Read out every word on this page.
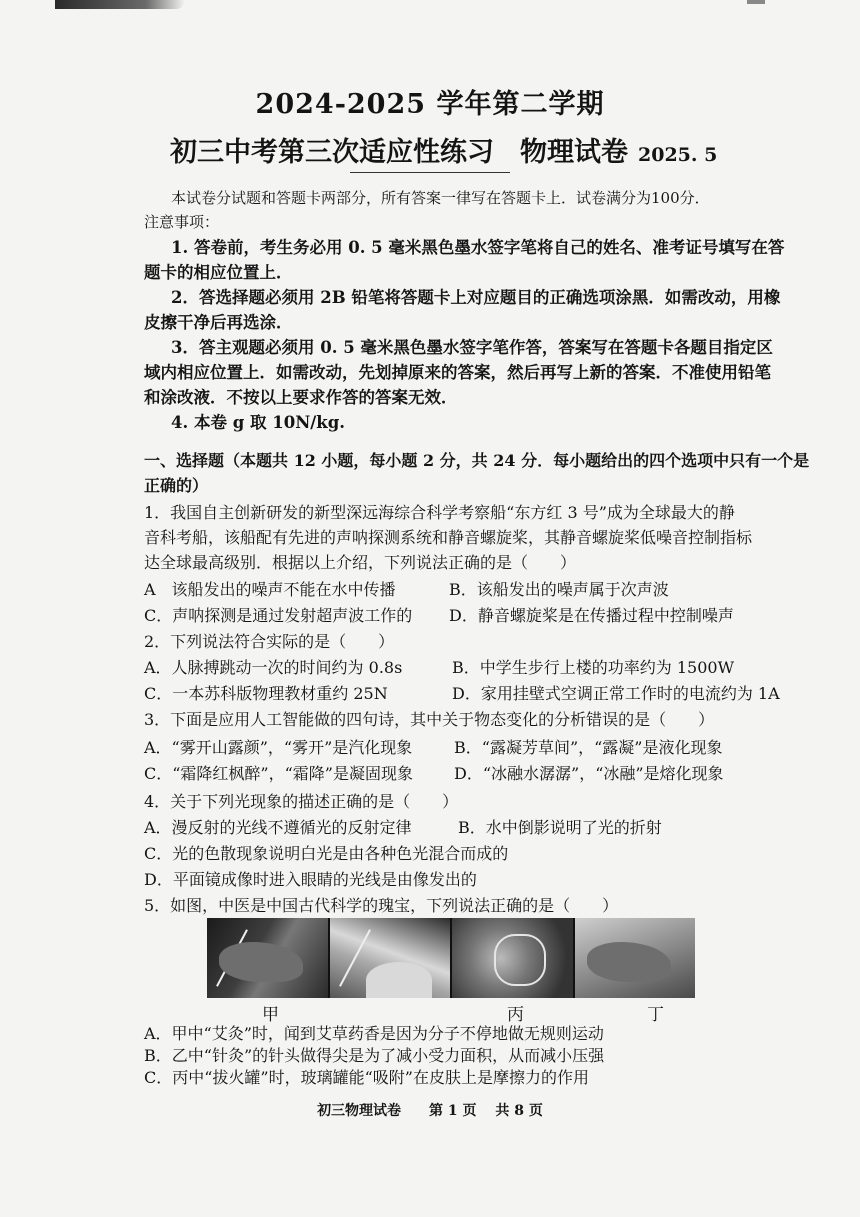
2024-2025 学年第二学期
初三中考第三次适应性练习 物理试卷 2025. 5
本试卷分试题和答题卡两部分，所有答案一律写在答题卡上．试卷满分为100分．
注意事项：
1. 答卷前，考生务必用 0. 5 毫米黑色墨水签字笔将自己的姓名、准考证号填写在答
题卡的相应位置上．
2．答选择题必须用 2B 铅笔将答题卡上对应题目的正确选项涂黑．如需改动，用橡
皮擦干净后再选涂．
3．答主观题必须用 0. 5 毫米黑色墨水签字笔作答，答案写在答题卡各题目指定区
域内相应位置上．如需改动，先划掉原来的答案，然后再写上新的答案．不准使用铅笔
和涂改液．不按以上要求作答的答案无效．
4. 本卷 g 取 10N/kg.
一、选择题（本题共 12 小题，每小题 2 分，共 24 分．每小题给出的四个选项中只有一个是
正确的）
1．我国自主创新研发的新型深远海综合科学考察船“东方红 3 号”成为全球最大的静
音科考船，该船配有先进的声呐探测系统和静音螺旋桨，其静音螺旋桨低噪音控制指标
达全球最高级别．根据以上介绍，下列说法正确的是（　　）
A　该船发出的噪声不能在水中传播	B．该船发出的噪声属于次声波
C．声呐探测是通过发射超声波工作的 D．静音螺旋桨是在传播过程中控制噪声
2．下列说法符合实际的是（　　）
A．人脉搏跳动一次的时间约为 0.8s	B．中学生步行上楼的功率约为 1500W
C．一本苏科版物理教材重约 25N	D．家用挂壁式空调正常工作时的电流约为 1A
3．下面是应用人工智能做的四句诗，其中关于物态变化的分析错误的是（　　）
A．“雾开山露颜”，“雾开”是汽化现象	B．“露凝芳草间”，“露凝”是液化现象
C．“霜降红枫醉”，“霜降”是凝固现象	D．“冰融水潺潺”，“冰融”是熔化现象
4．关于下列光现象的描述正确的是（　　）
A．漫反射的光线不遵循光的反射定律	B．水中倒影说明了光的折射
C．光的色散现象说明白光是由各种色光混合而成的
D．平面镜成像时进入眼睛的光线是由像发出的
5．如图，中医是中国古代科学的瑰宝，下列说法正确的是（　　）
甲	丙	丁
A．甲中“艾灸”时，闻到艾草药香是因为分子不停地做无规则运动
B．乙中“针灸”的针头做得尖是为了减小受力面积，从而减小压强
C．丙中“拔火罐”时，玻璃罐能“吸附”在皮肤上是摩擦力的作用
初三物理试卷　　第 1 页　 共 8 页
